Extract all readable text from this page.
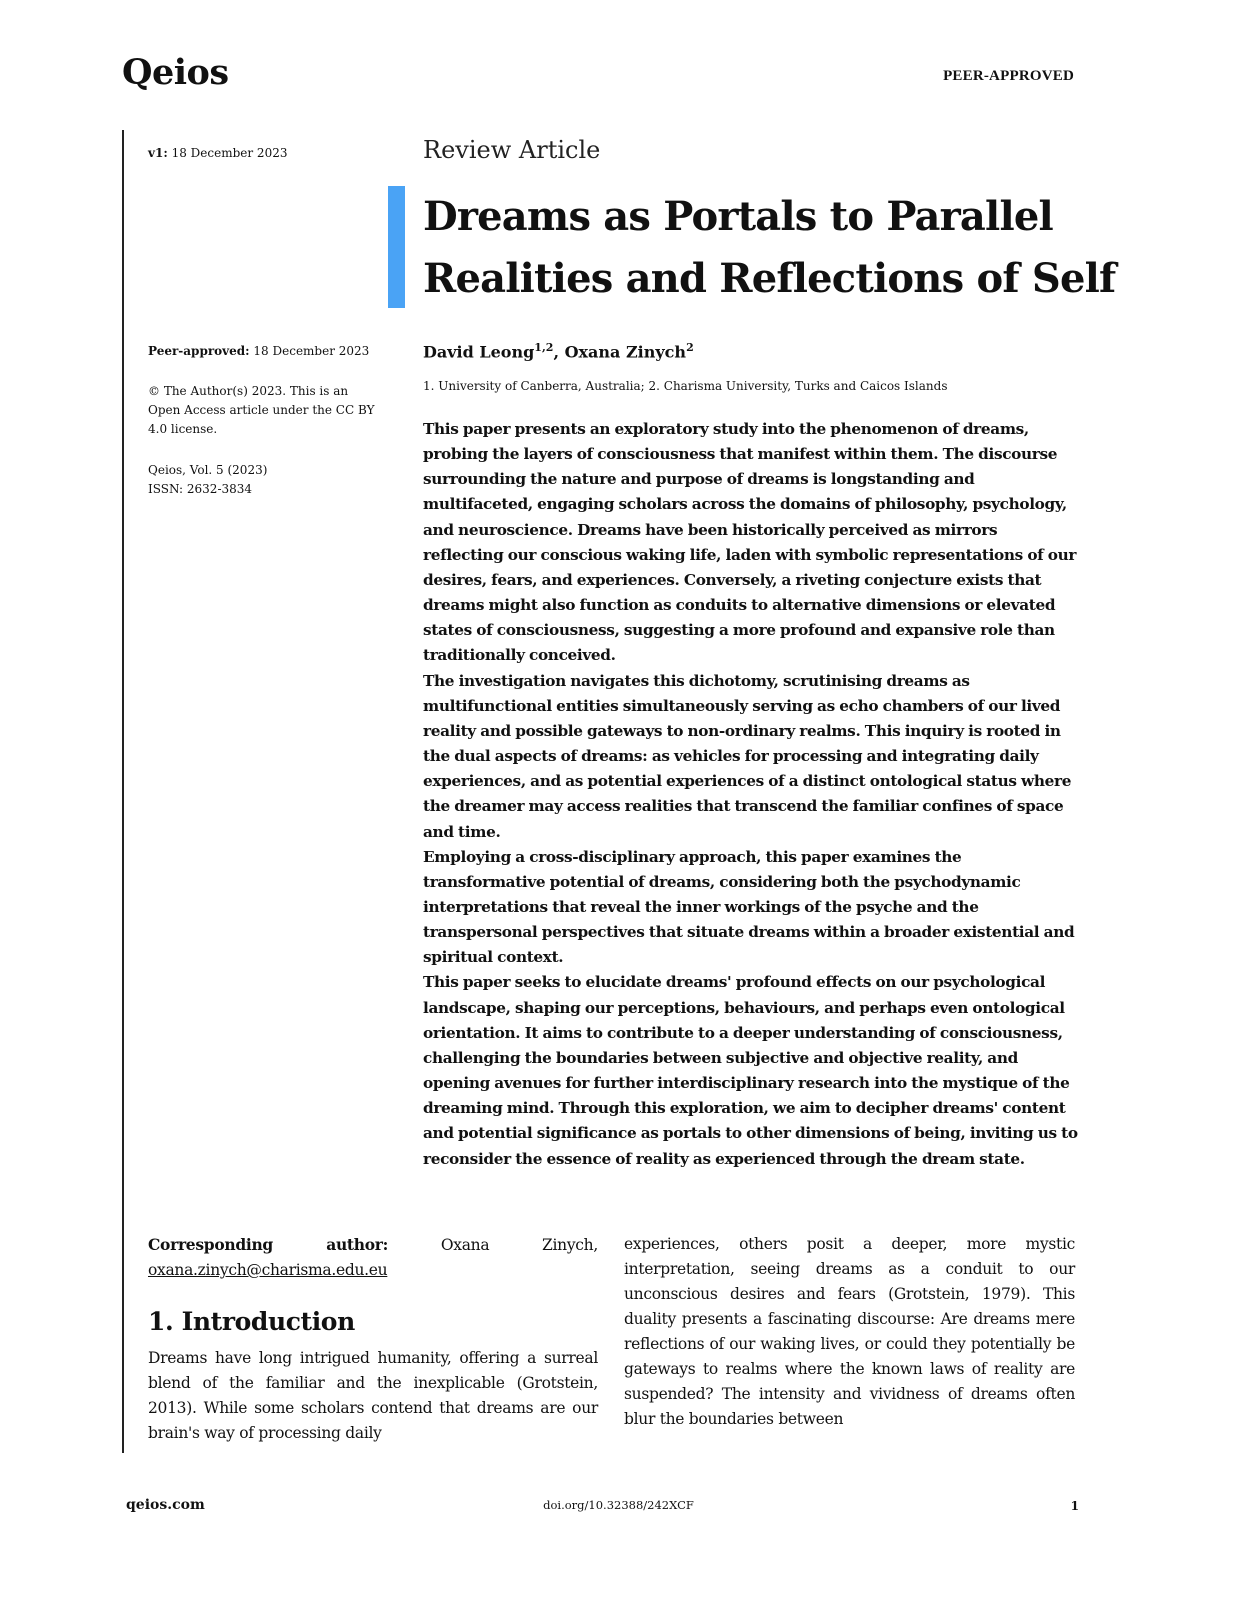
Qeios	PEER-APPROVED
v1: 18 December 2023
Peer-approved: 18 December 2023

© The Author(s) 2023. This is an Open Access article under the CC BY 4.0 license.

Qeios, Vol. 5 (2023)

ISSN: 2632-3834

Review Article
Dreams as Portals to Parallel
Realities and Reflections of Self
David Leong$^{1,2}$, Oxana Zinych$^2$
1. University of Canberra, Australia; 2. Charisma University, Turks and Caicos Islands

This paper presents an exploratory study into the phenomenon of dreams, probing the layers of consciousness that manifest within them. The discourse surrounding the nature and purpose of dreams is longstanding and multifaceted, engaging scholars across the domains of philosophy, psychology, and neuroscience. Dreams have been historically perceived as mirrors reflecting our conscious waking life, laden with symbolic representations of our desires, fears, and experiences. Conversely, a riveting conjecture exists that dreams might also function as conduits to alternative dimensions or elevated states of consciousness, suggesting a more profound and expansive role than traditionally conceived.

The investigation navigates this dichotomy, scrutinising dreams as multifunctional entities simultaneously serving as echo chambers of our lived reality and possible gateways to non-ordinary realms. This inquiry is rooted in the dual aspects of dreams: as vehicles for processing and integrating daily experiences, and as potential experiences of a distinct ontological status where the dreamer may access realities that transcend the familiar confines of space and time.

Employing a cross-disciplinary approach, this paper examines the transformative potential of dreams, considering both the psychodynamic interpretations that reveal the inner workings of the psyche and the transpersonal perspectives that situate dreams within a broader existential and spiritual context.

This paper seeks to elucidate dreams' profound effects on our psychological landscape, shaping our perceptions, behaviours, and perhaps even ontological orientation. It aims to contribute to a deeper understanding of consciousness, challenging the boundaries between subjective and objective reality, and opening avenues for further interdisciplinary research into the mystique of the dreaming mind. Through this exploration, we aim to decipher dreams' content and potential significance as portals to other dimensions of being, inviting us to reconsider the essence of reality as experienced through the dream state.

Corresponding author:	Oxana Zinych, oxana.zinych@charisma.edu.eu

1. Introduction

Dreams have long intrigued humanity, offering a surreal blend of the familiar and the inexplicable (Grotstein, 2013). While some scholars contend that dreams are our brain's way of processing daily

experiences, others posit a deeper, more mystic interpretation, seeing dreams as a conduit to our unconscious desires and fears (Grotstein, 1979). This duality presents a fascinating discourse: Are dreams mere reflections of our waking lives, or could they potentially be gateways to realms where the known laws of reality are suspended? The intensity and vividness of dreams often blur the boundaries between

qeios.com	doi.org/10.32388/242XCF	1
